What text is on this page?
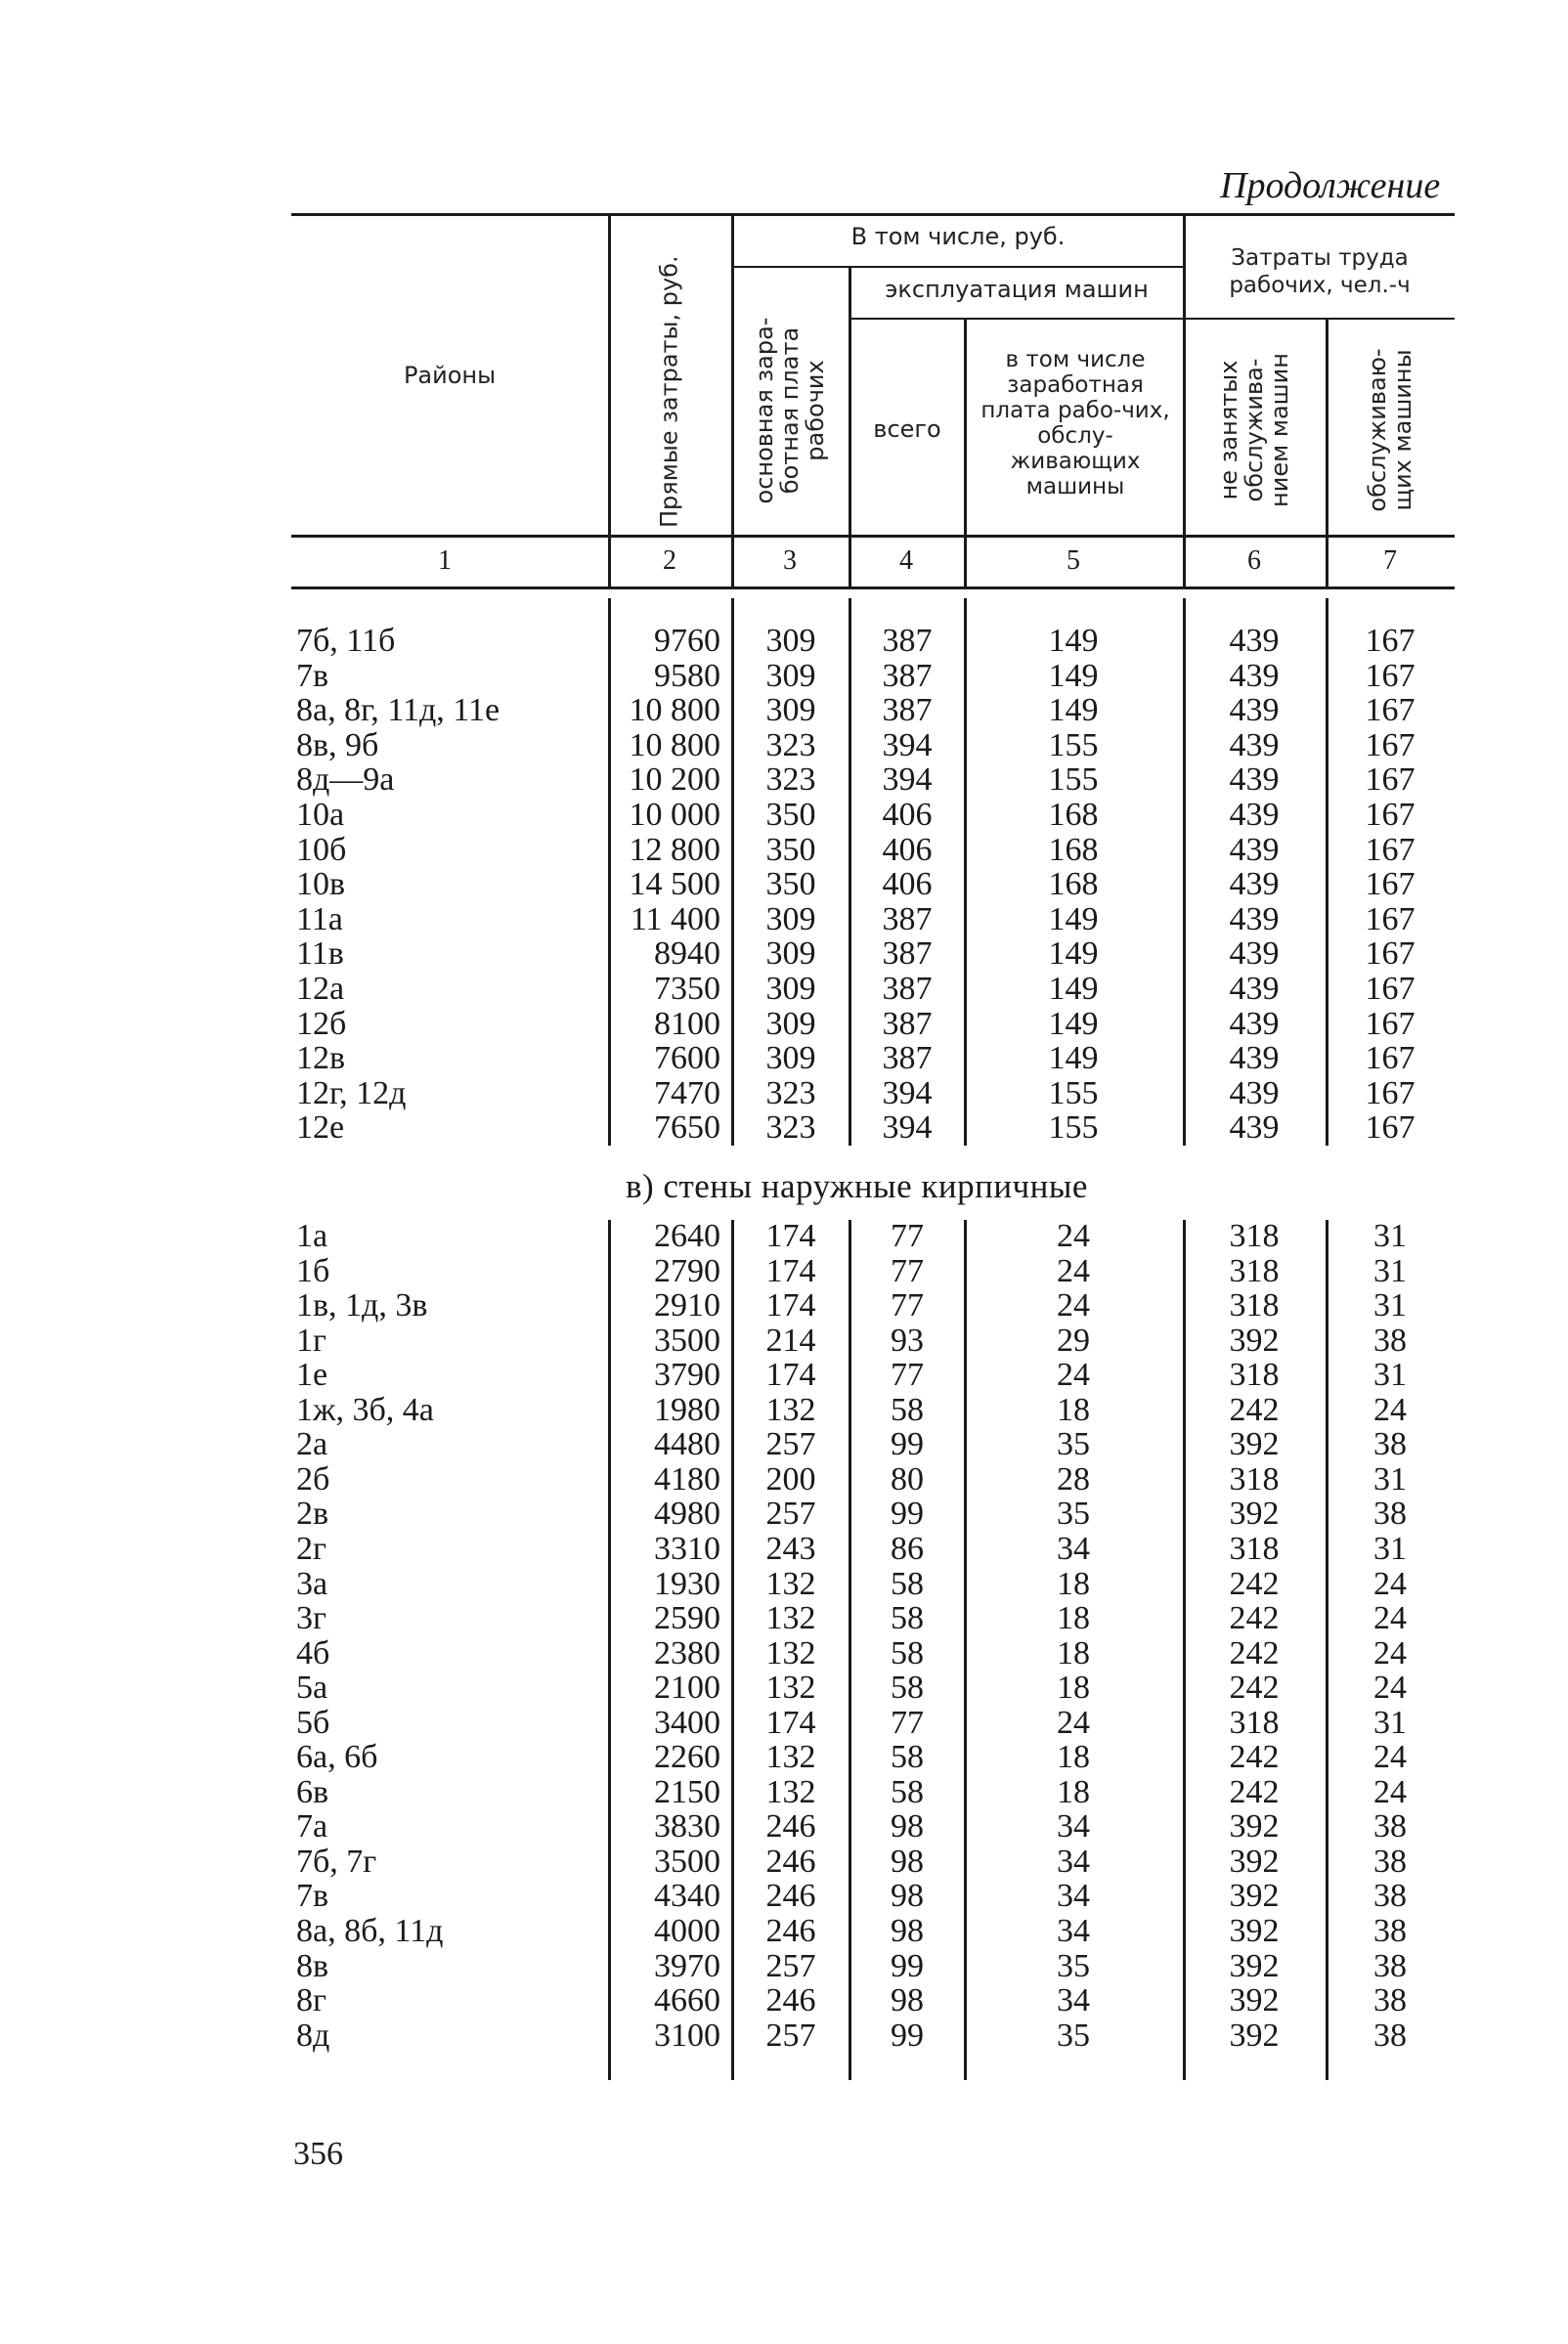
Продолжение
Районы	Прямые затраты, руб.
В том числе, руб.
основная зара-ботная плата рабочих
эксплуатация машин
всего
в том числе заработная плата рабо-чих, обслу-живающих машины
Затраты труда рабочих, чел.-ч
не занятых обслужива-нием машин	обслуживаю-щих машины
1	2	3	4	5	6	7
в) стены наружные кирпичные
7б, 11б	9760	309	387	149	439	167
7в	9580	309	387	149	439	167
8а, 8г, 11д, 11е	10 800	309	387	149	439	167
8в, 9б	10 800	323	394	155	439	167
8д—9а	10 200	323	394	155	439	167
10а	10 000	350	406	168	439	167
10б	12 800	350	406	168	439	167
10в	14 500	350	406	168	439	167
11а	11 400	309	387	149	439	167
11в	8940	309	387	149	439	167
12а	7350	309	387	149	439	167
12б	8100	309	387	149	439	167
12в	7600	309	387	149	439	167
12г, 12д	7470	323	394	155	439	167
12е	7650	323	394	155	439	167
1а	2640	174	77	24	318	31
1б	2790	174	77	24	318	31
1в, 1д, 3в	2910	174	77	24	318	31
1г	3500	214	93	29	392	38
1е	3790	174	77	24	318	31
1ж, 3б, 4а	1980	132	58	18	242	24
2а	4480	257	99	35	392	38
2б	4180	200	80	28	318	31
2в	4980	257	99	35	392	38
2г	3310	243	86	34	318	31
3а	1930	132	58	18	242	24
3г	2590	132	58	18	242	24
4б	2380	132	58	18	242	24
5а	2100	132	58	18	242	24
5б	3400	174	77	24	318	31
6а, 6б	2260	132	58	18	242	24
6в	2150	132	58	18	242	24
7а	3830	246	98	34	392	38
7б, 7г	3500	246	98	34	392	38
7в	4340	246	98	34	392	38
8а, 8б, 11д	4000	246	98	34	392	38
8в	3970	257	99	35	392	38
8г	4660	246	98	34	392	38
8д	3100	257	99	35	392	38
356
